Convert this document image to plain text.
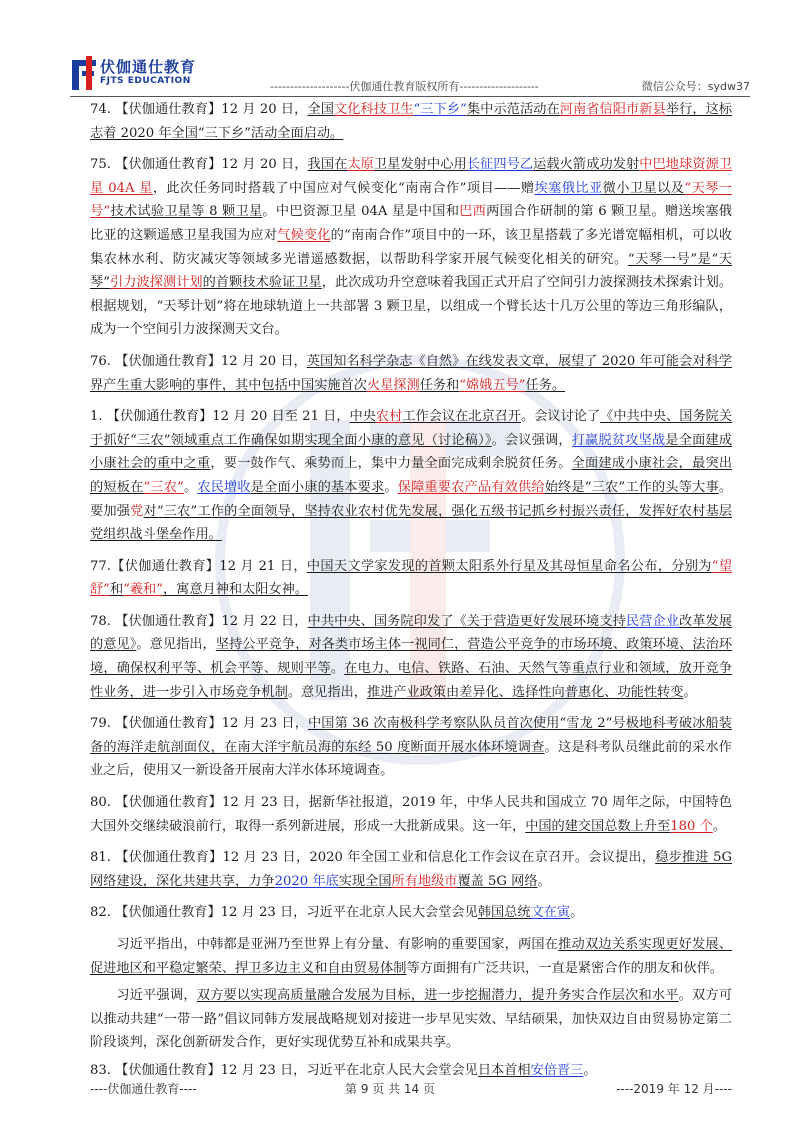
伏伽通仕教育
FJTS EDUCATION	--------------------伏伽通仕教育版权所有--------------------	微信公众号：sydw37

74. 【伏伽通仕教育】12 月 20 日，全国文化科技卫生“三下乡”集中示范活动在河南省信阳市新县举行，这标志着 2020 年全国“三下乡”活动全面启动。

75. 【伏伽通仕教育】12 月 20 日，我国在太原卫星发射中心用长征四号乙运载火箭成功发射中巴地球资源卫星 04A 星，此次任务同时搭载了中国应对气候变化“南南合作”项目——赠埃塞俄比亚微小卫星以及“天琴一号”技术试验卫星等 8 颗卫星。中巴资源卫星 04A 星是中国和巴西两国合作研制的第 6 颗卫星。赠送埃塞俄比亚的这颗遥感卫星我国为应对气候变化的“南南合作”项目中的一环，该卫星搭载了多光谱宽幅相机，可以收集农林水利、防灾减灾等领域多光谱遥感数据，以帮助科学家开展气候变化相关的研究。“天琴一号”是“天琴”引力波探测计划的首颗技术验证卫星，此次成功升空意味着我国正式开启了空间引力波探测技术探索计划。根据规划，“天琴计划”将在地球轨道上一共部署 3 颗卫星，以组成一个臂长达十几万公里的等边三角形编队，成为一个空间引力波探测天文台。

76. 【伏伽通仕教育】12 月 20 日，英国知名科学杂志《自然》在线发表文章，展望了 2020 年可能会对科学界产生重大影响的事件，其中包括中国实施首次火星探测任务和“嫦娥五号”任务。

1. 【伏伽通仕教育】12 月 20 日至 21 日，中央农村工作会议在北京召开。会议讨论了《中共中央、国务院关于抓好“三农”领域重点工作确保如期实现全面小康的意见（讨论稿）》。会议强调，打赢脱贫攻坚战是全面建成小康社会的重中之重，要一鼓作气、乘势而上，集中力量全面完成剩余脱贫任务。全面建成小康社会，最突出的短板在“三农”。农民增收是全面小康的基本要求。保障重要农产品有效供给始终是“三农”工作的头等大事。要加强党对“三农”工作的全面领导，坚持农业农村优先发展，强化五级书记抓乡村振兴责任，发挥好农村基层党组织战斗堡垒作用。

77.【伏伽通仕教育】12 月 21 日，中国天文学家发现的首颗太阳系外行星及其母恒星命名公布，分别为“望舒”和“羲和”，寓意月神和太阳女神。

78. 【伏伽通仕教育】12 月 22 日，中共中央、国务院印发了《关于营造更好发展环境支持民营企业改革发展的意见》。意见指出，坚持公平竞争，对各类市场主体一视同仁，营造公平竞争的市场环境、政策环境、法治环境，确保权利平等、机会平等、规则平等。在电力、电信、铁路、石油、天然气等重点行业和领域，放开竞争性业务，进一步引入市场竞争机制。意见指出，推进产业政策由差异化、选择性向普惠化、功能性转变。

79. 【伏伽通仕教育】12 月 23 日，中国第 36 次南极科学考察队队员首次使用“雪龙 2”号极地科考破冰船装备的海洋走航剖面仪，在南大洋宇航员海的东经 50 度断面开展水体环境调查。这是科考队员继此前的采水作业之后，使用又一新设备开展南大洋水体环境调查。

80. 【伏伽通仕教育】12 月 23 日，据新华社报道，2019 年，中华人民共和国成立 70 周年之际，中国特色大国外交继续破浪前行，取得一系列新进展，形成一大批新成果。这一年，中国的建交国总数上升至180 个。

81. 【伏伽通仕教育】12 月 23 日，2020 年全国工业和信息化工作会议在京召开。会议提出，稳步推进 5G 网络建设，深化共建共享，力争2020 年底实现全国所有地级市覆盖 5G 网络。

82. 【伏伽通仕教育】12 月 23 日，习近平在北京人民大会堂会见韩国总统文在寅。

习近平指出，中韩都是亚洲乃至世界上有分量、有影响的重要国家，两国在推动双边关系实现更好发展、促进地区和平稳定繁荣、捍卫多边主义和自由贸易体制等方面拥有广泛共识，一直是紧密合作的朋友和伙伴。

习近平强调，双方要以实现高质量融合发展为目标，进一步挖掘潜力，提升务实合作层次和水平。双方可以推动共建“一带一路”倡议同韩方发展战略规划对接进一步早见实效、早结硕果，加快双边自由贸易协定第二阶段谈判，深化创新研发合作，更好实现优势互补和成果共享。

83. 【伏伽通仕教育】12 月 23 日，习近平在北京人民大会堂会见日本首相安倍晋三。

----伏伽通仕教育----	第 9 页 共 14 页	----2019 年 12 月----
